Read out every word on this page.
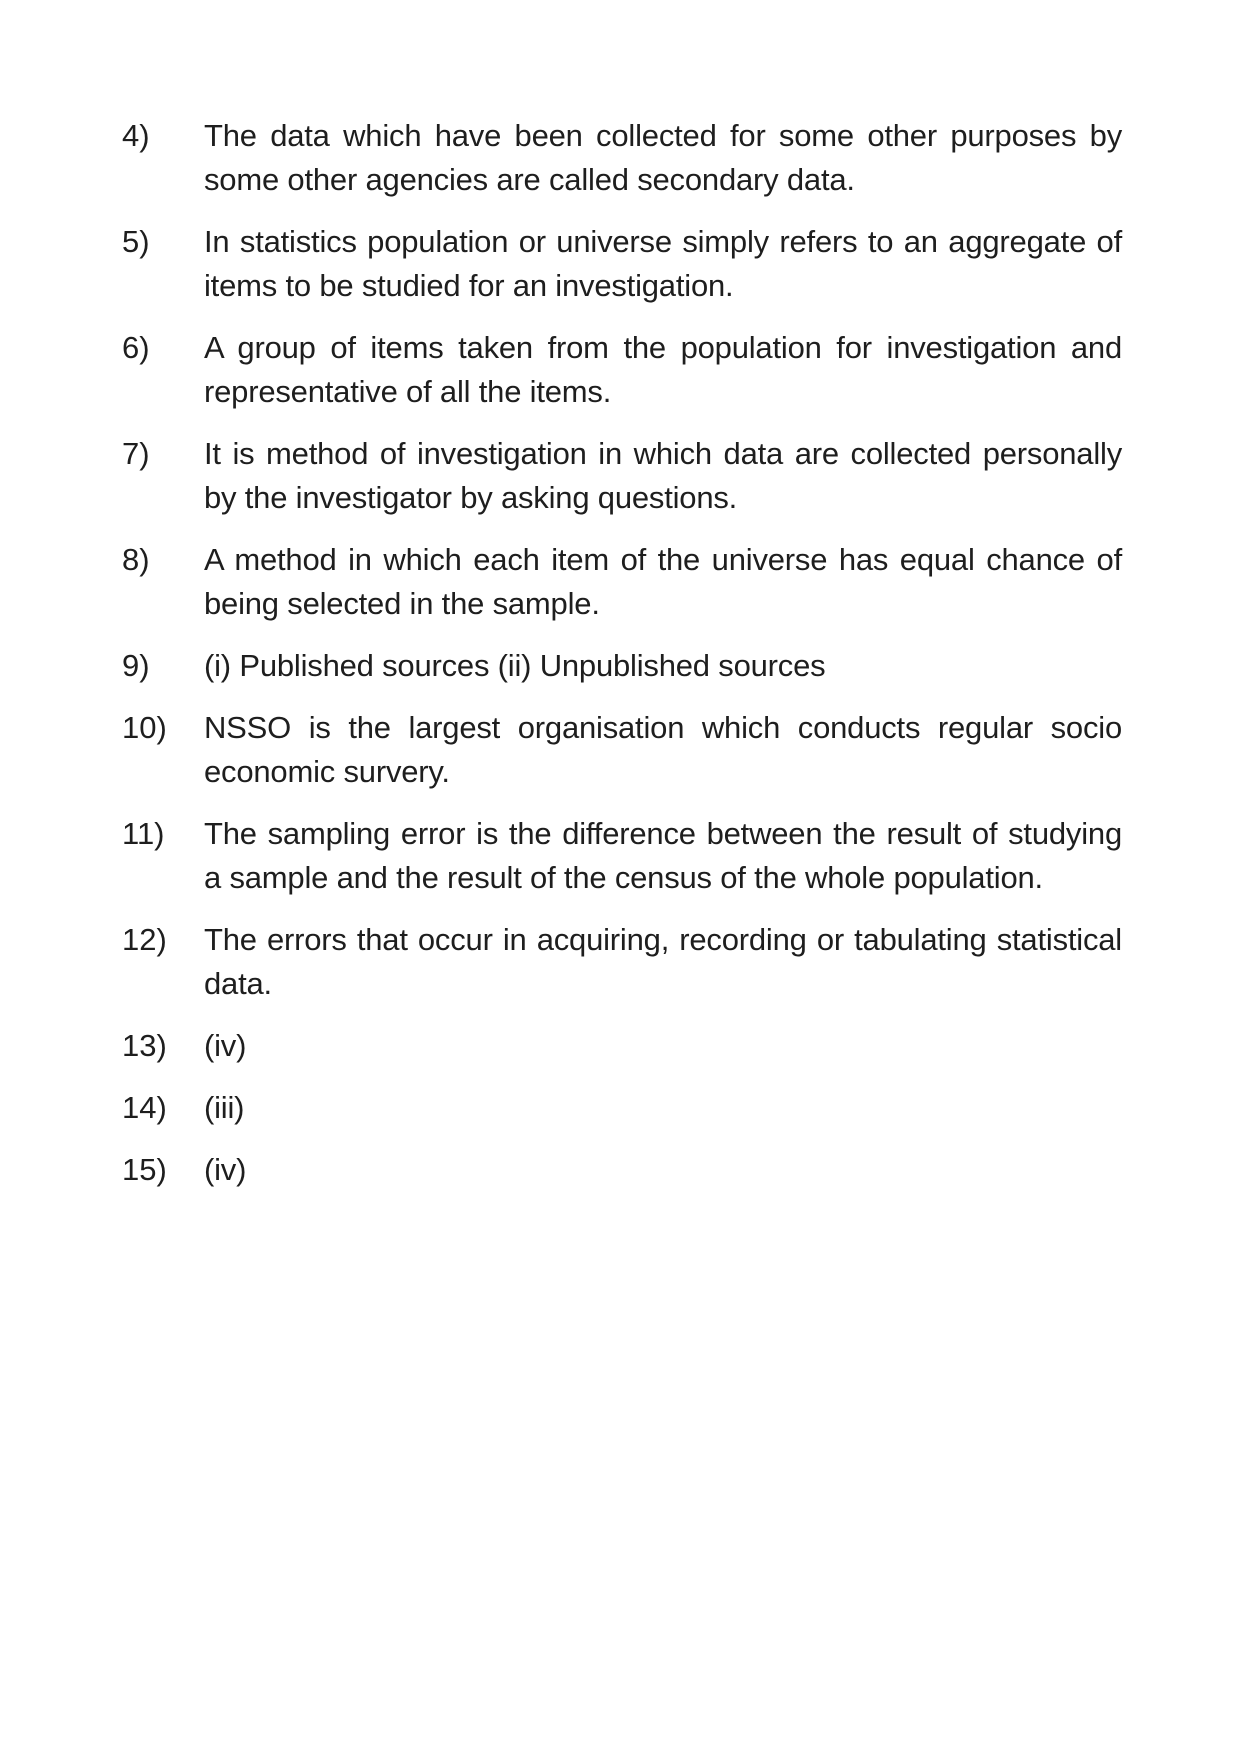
4)	The data which have been collected for some other purposes by some other agencies are called secondary data.
5)	In statistics population or universe simply refers to an aggregate of items to be studied for an investigation.
6)	A group of items taken from the population for investigation and representative of all the items.
7)	It is method of investigation in which data are collected personally by the investigator by asking questions.
8)	A method in which each item of the universe has equal chance of being selected in the sample.
9)	(i) Published sources (ii) Unpublished sources
10)	NSSO is the largest organisation which conducts regular socio economic survery.
11)	The sampling error is the difference between the result of studying a sample and the result of the census of the whole population.
12)	The errors that occur in acquiring, recording or tabulating statistical data.
13)	(iv)
14)	(iii)
15)	(iv)
